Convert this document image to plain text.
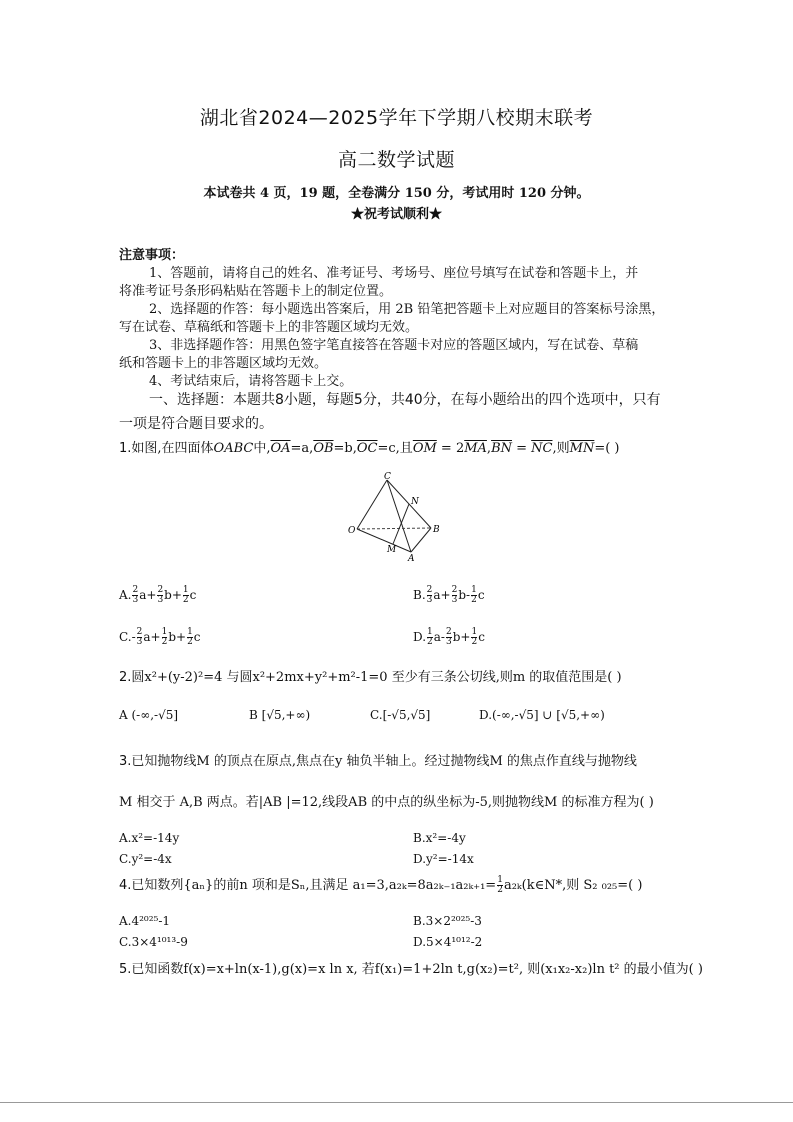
湖北省2024—2025学年下学期八校期末联考
高二数学试题
本试卷共 4 页，19 题，全卷满分 150 分，考试用时 120 分钟。
★祝考试顺利★
注意事项：
1、答题前，请将自己的姓名、准考证号、考场号、座位号填写在试卷和答题卡上，并
将准考证号条形码粘贴在答题卡上的制定位置。
2、选择题的作答：每小题选出答案后，用 2B 铅笔把答题卡上对应题目的答案标号涂黑，
写在试卷、草稿纸和答题卡上的非答题区域均无效。
3、非选择题作答：用黑色签字笔直接答在答题卡对应的答题区域内，写在试卷、草稿
纸和答题卡上的非答题区域均无效。
4、考试结束后，请将答题卡上交。
一、选择题：本题共8小题，每题5分，共40分，在每小题给出的四个选项中，只有
一项是符合题目要求的。
1.如图,在四面体OABC中$,\overline{OA}=a,\overline{OB}=b,\overline{OC}=c$,且$\overline{OM} = 2\overline{MA},\overline{BN} = \overline{NC}$,则$\overline{MN}=$( )
C
N
O	B
M
A
A. $\frac{2}{3} a+ \frac{2}{3} b+ \frac{1}{2}$ c	B. $\frac{2}{3} a+ \frac{2}{3} b- \frac{1}{2}$ c
$C.- \frac{2}{3} a+ \frac{1}{2} b+ \frac{1}{2}$ c	D. $\frac{1}{2} a- \frac{2}{3} b+ \frac{1}{2}$ c
2.圆x²+(y-2)²=4 与圆x²+2mx+y²+m²-1=0 至少有三条公切线,则m 的取值范围是( )
A (-∞,-√5]	B [√5,+∞)	C.[-√5,√5]	D.(-∞,-√5] ∪ [√5,+∞)
3.已知抛物线M 的顶点在原点,焦点在y 轴负半轴上。经过抛物线M 的焦点作直线与抛物线
M 相交于 A,B 两点。若|AB |=12,线段AB 的中点的纵坐标为-5,则抛物线M 的标准方程为( )
A.x²=-14y	B.x²=-4y
C.y²=-4x	D.y²=-14x
4.已知数列{aₙ}的前n 项和是Sₙ,且满足 $a_1=3,a_{2k}=8a_{2k-1}a_{2k+1}= \frac{1}{2}$ a₂ₖ(k∈N*,则 S₂ ₀₂₅=( )
A.4²⁰²⁵-1	B.3×2²⁰²⁵-3
C.3×4¹⁰¹³-9	D.5×4¹⁰¹²-2
5.已知函数f(x)=x+ln(x-1),g(x)=x ln x, 若f(x₁)=1+2ln t,g(x₂)=t², 则(x₁x₂-x₂)ln t² 的最小值为( )
